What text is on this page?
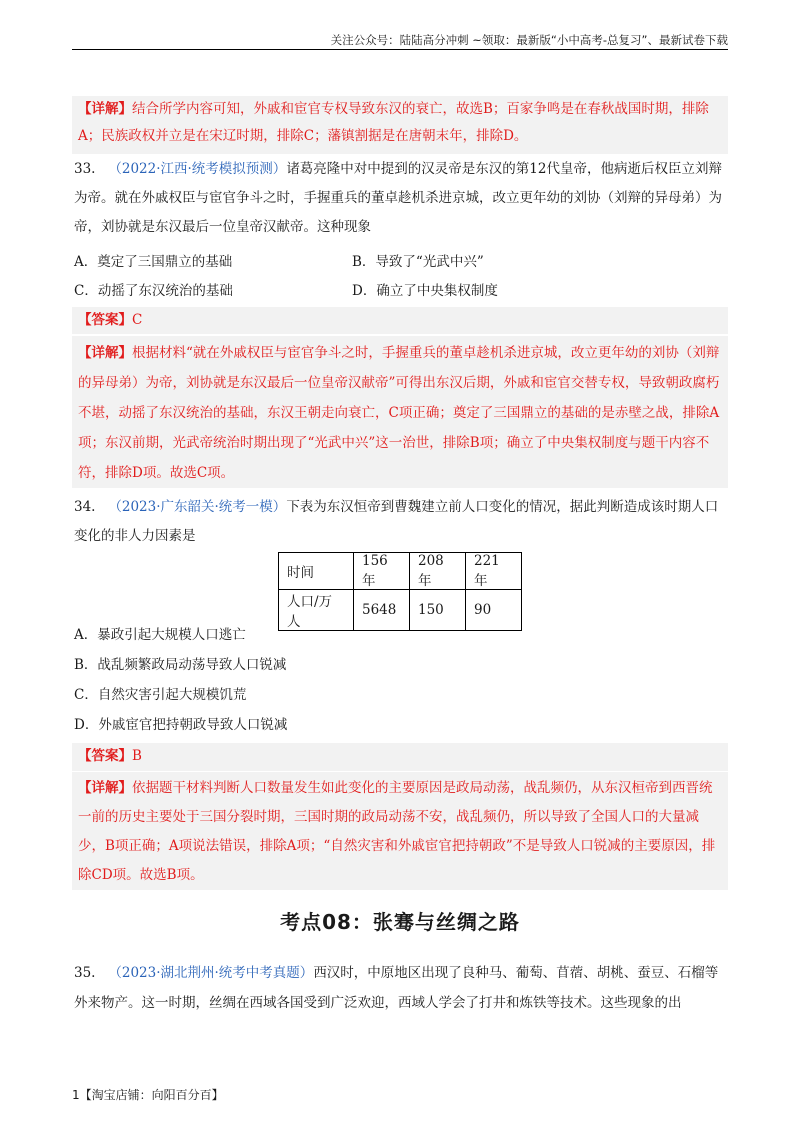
关注公众号：陆陆高分冲刺 ~领取：最新版“小中高考-总复习”、最新试卷下载
【详解】结合所学内容可知，外戚和宦官专权导致东汉的衰亡，故选B；百家争鸣是在春秋战国时期，排除A；民族政权并立是在宋辽时期，排除C；藩镇割据是在唐朝末年，排除D。
33. （2022·江西·统考模拟预测）诸葛亮隆中对中提到的汉灵帝是东汉的第12代皇帝，他病逝后权臣立刘辩为帝。就在外戚权臣与宦官争斗之时，手握重兵的董卓趁机杀进京城，改立更年幼的刘协（刘辩的异母弟）为帝，刘协就是东汉最后一位皇帝汉献帝。这种现象
A．奠定了三国鼎立的基础	B．导致了“光武中兴”
C．动摇了东汉统治的基础	D．确立了中央集权制度
【答案】C
【详解】根据材料“就在外戚权臣与宦官争斗之时，手握重兵的董卓趁机杀进京城，改立更年幼的刘协（刘辩的异母弟）为帝，刘协就是东汉最后一位皇帝汉献帝”可得出东汉后期，外戚和宦官交替专权，导致朝政腐朽不堪，动摇了东汉统治的基础，东汉王朝走向衰亡，C项正确；奠定了三国鼎立的基础的是赤壁之战，排除A项；东汉前期，光武帝统治时期出现了“光武中兴”这一治世，排除B项；确立了中央集权制度与题干内容不符，排除D项。故选C项。
34. （2023·广东韶关·统考一模）下表为东汉恒帝到曹魏建立前人口变化的情况，据此判断造成该时期人口变化的非人力因素是
时间	156年	208年	221年
人口/万人	5648	150	90
A．暴政引起大规模人口逃亡
B．战乱频繁政局动荡导致人口锐减
C．自然灾害引起大规模饥荒
D．外戚宦官把持朝政导致人口锐减
【答案】B
【详解】依据题干材料判断人口数量发生如此变化的主要原因是政局动荡，战乱频仍，从东汉桓帝到西晋统一前的历史主要处于三国分裂时期，三国时期的政局动荡不安，战乱频仍，所以导致了全国人口的大量减少，B项正确；A项说法错误，排除A项；“自然灾害和外戚宦官把持朝政”不是导致人口锐减的主要原因，排除CD项。故选B项。
考点08：张骞与丝绸之路
35. （2023·湖北荆州·统考中考真题）西汉时，中原地区出现了良种马、葡萄、苜蓿、胡桃、蚕豆、石榴等外来物产。这一时期，丝绸在西域各国受到广泛欢迎，西域人学会了打井和炼铁等技术。这些现象的出
1【淘宝店铺：向阳百分百】
